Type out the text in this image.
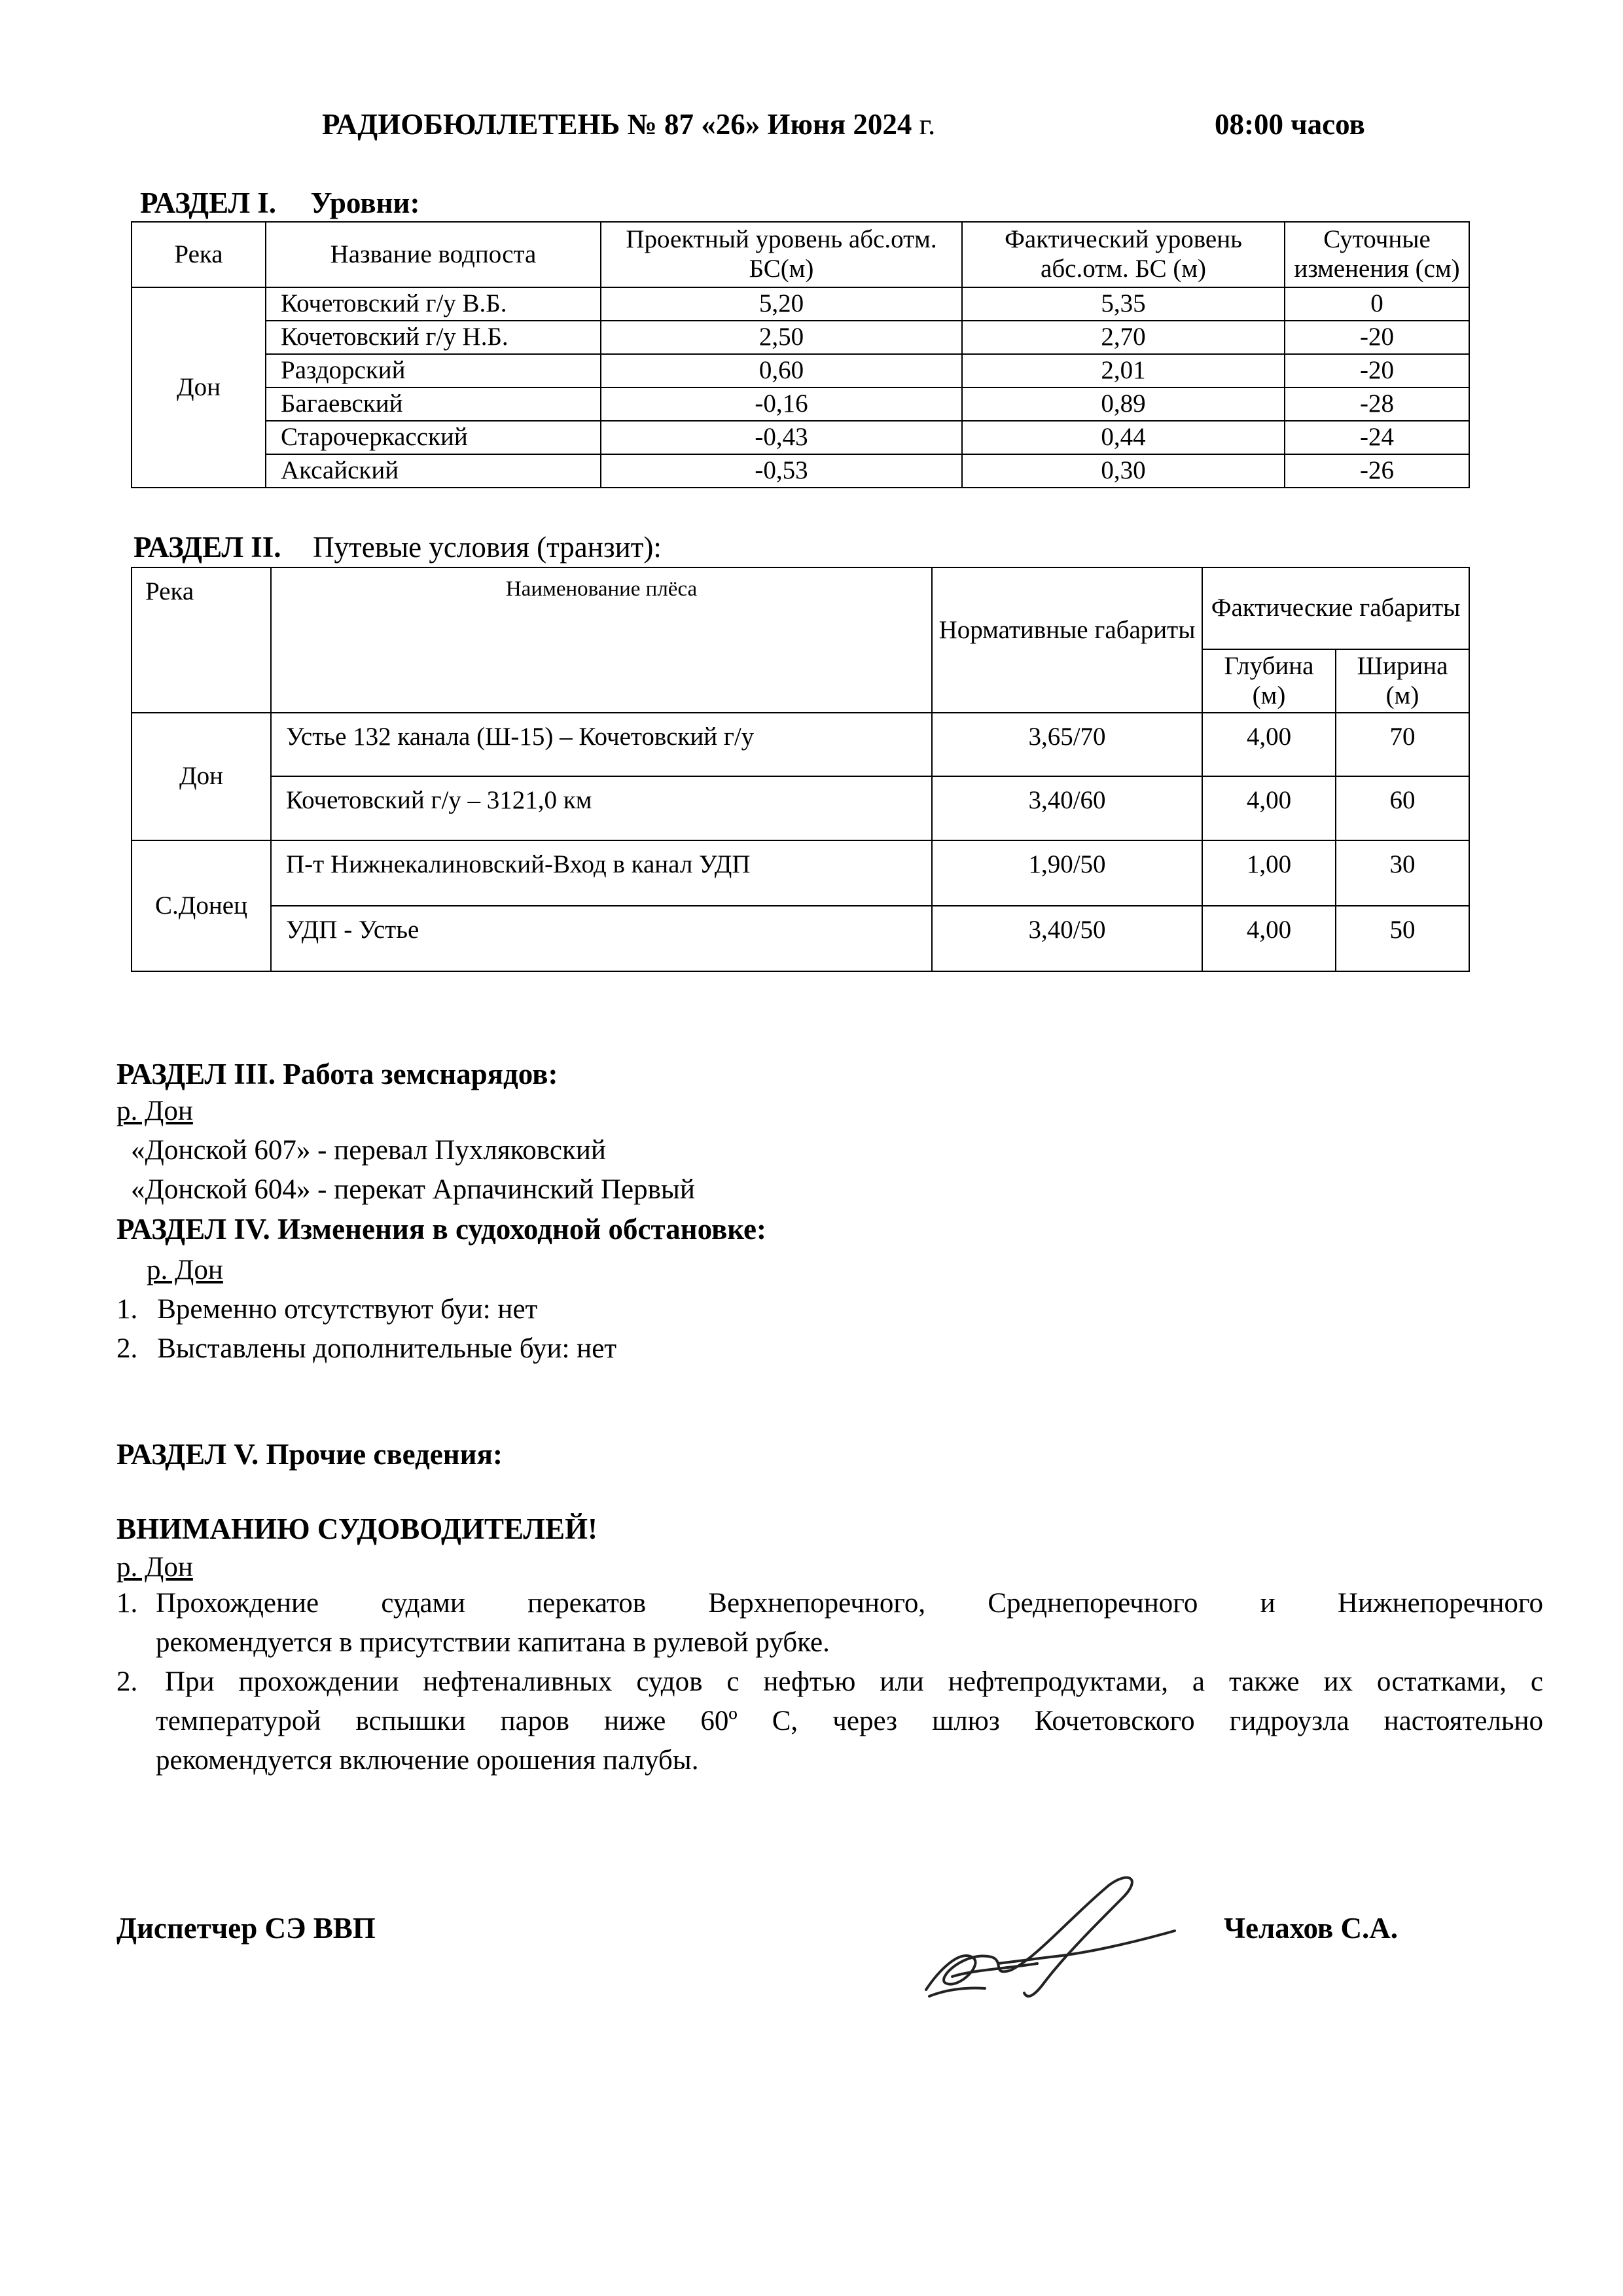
РАДИОБЮЛЛЕТЕНЬ № 87 «26» Июня 2024 г.	08:00 часов
РАЗДЕЛ I. Уровни:
Река	Название водпоста	Проектный уровень абс.отм. БС(м)	Фактический уровень абс.отм. БС (м)	Суточные изменения (см)
Дон	Кочетовский г/у В.Б.	5,20	5,35	0
	Кочетовский г/у Н.Б.	2,50	2,70	-20
	Раздорский	0,60	2,01	-20
	Багаевский	-0,16	0,89	-28
	Старочеркасский	-0,43	0,44	-24
	Аксайский	-0,53	0,30	-26
РАЗДЕЛ II. Путевые условия (транзит):
Река	Наименование плёса	Нормативные габариты	Фактические габариты	
			Глубина (м)	Ширина (м)
Дон	Устье 132 канала (Ш-15) – Кочетовский г/у	3,65/70	4,00	70
	Кочетовский г/у – 3121,0 км	3,40/60	4,00	60
С.Донец	П-т Нижнекалиновский-Вход в канал УДП	1,90/50	1,00	30
	УДП - Устье	3,40/50	4,00	50
РАЗДЕЛ III. Работа земснарядов:
р. Дон
«Донской 607» - перевал Пухляковский
«Донской 604» - перекат Арпачинский Первый
РАЗДЕЛ IV. Изменения в судоходной обстановке:
р. Дон
1. Временно отсутствуют буи: нет
2. Выставлены дополнительные буи: нет
РАЗДЕЛ V. Прочие сведения:
ВНИМАНИЮ СУДОВОДИТЕЛЕЙ!
р. Дон
1. Прохождение судами перекатов Верхнепоречного, Среднепоречного и Нижнепоречного
рекомендуется в присутствии капитана в рулевой рубке.
2. При прохождении нефтеналивных судов с нефтью или нефтепродуктами, а также их остатками, с
температурой вспышки паров ниже 60º С, через шлюз Кочетовского гидроузла настоятельно
рекомендуется включение орошения палубы.
Диспетчер СЭ ВВП	Челахов С.А.
